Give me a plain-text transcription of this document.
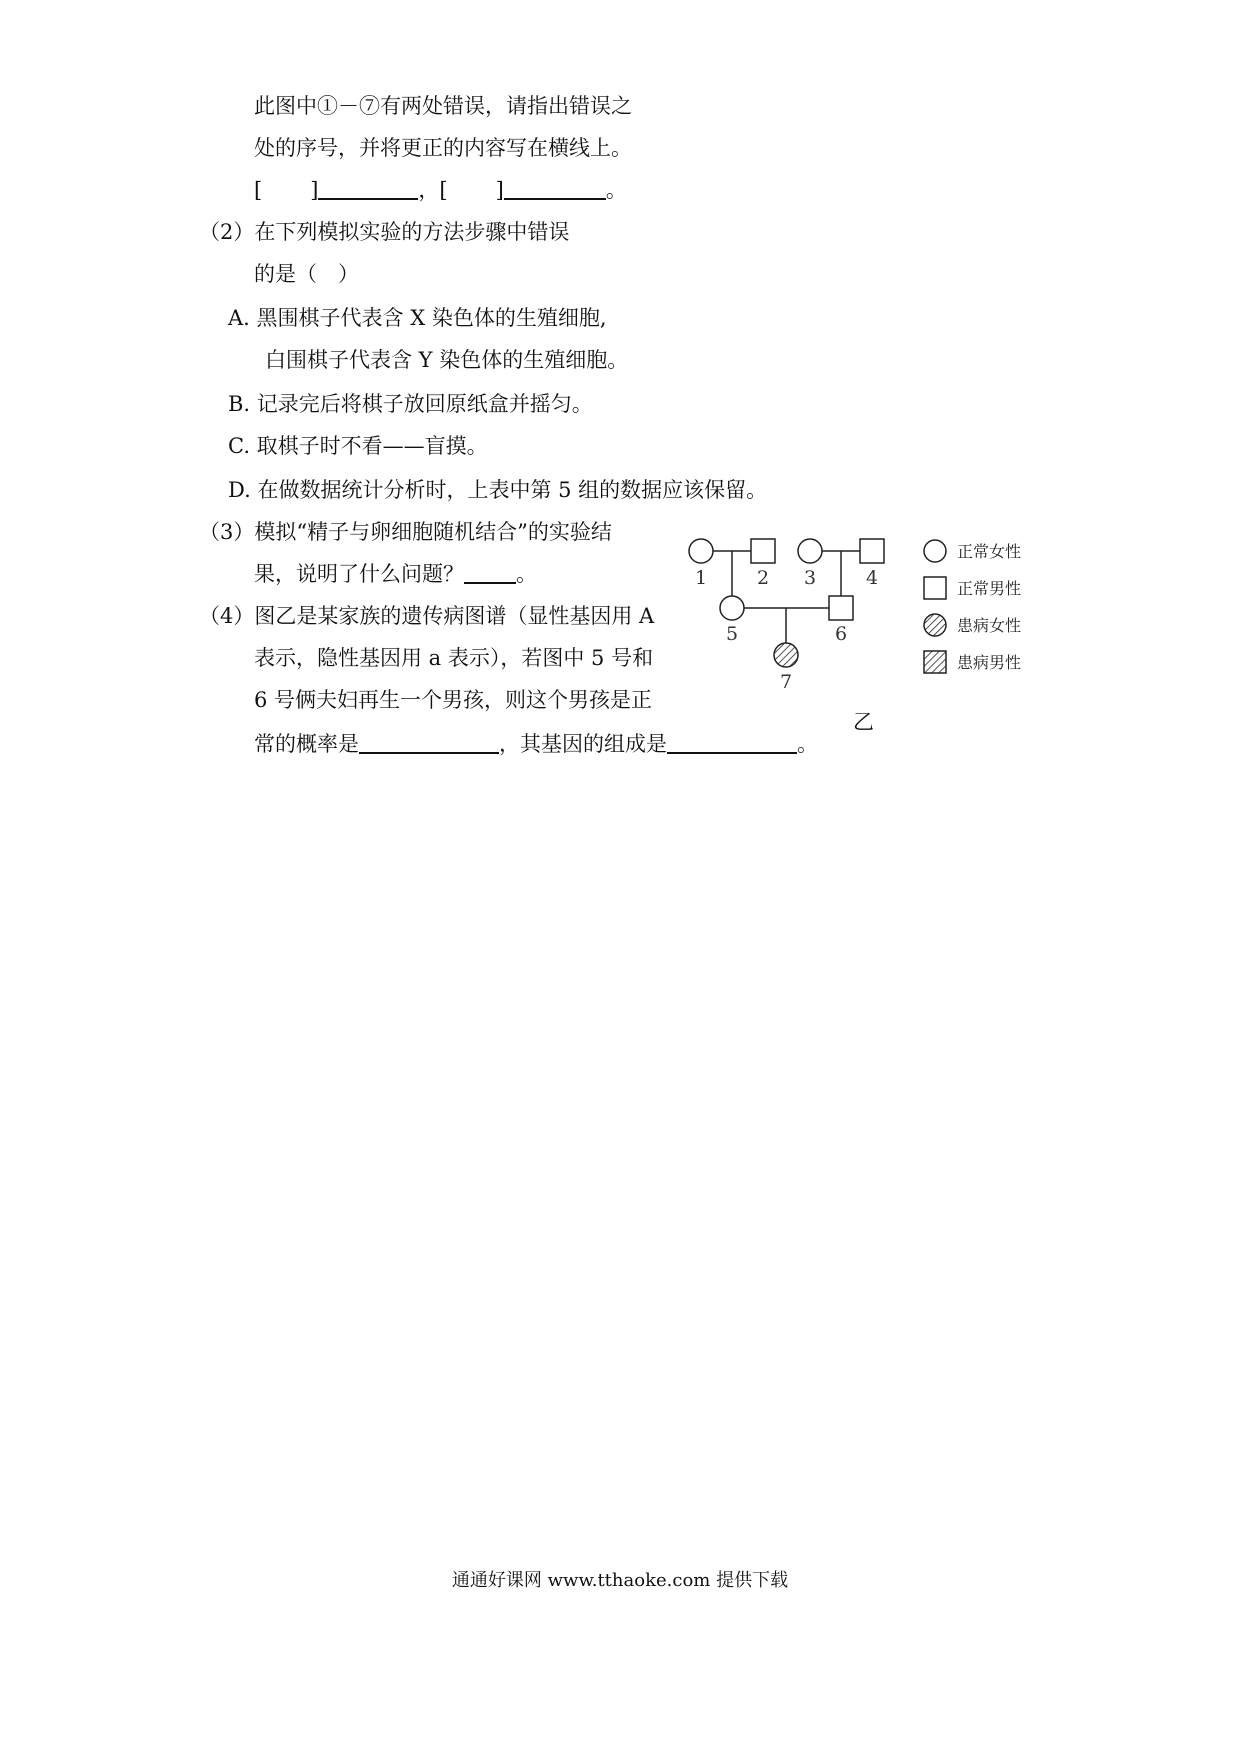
此图中①－⑦有两处错误，请指出错误之
处的序号，并将更正的内容写在横线上。
[ ]	，[ ]	。
（2）在下列模拟实验的方法步骤中错误
的是（　）
A. 黑围棋子代表含 X 染色体的生殖细胞,
白围棋子代表含 Y 染色体的生殖细胞。
B. 记录完后将棋子放回原纸盒并摇匀。
C. 取棋子时不看——盲摸。
D. 在做数据统计分析时，上表中第 5 组的数据应该保留。
（3）模拟“精子与卵细胞随机结合”的实验结
果，说明了什么问题？ 。
（4）图乙是某家族的遗传病图谱（显性基因用 A
表示，隐性基因用 a 表示），若图中 5 号和
6 号俩夫妇再生一个男孩，则这个男孩是正
常的概率是	，其基因的组成是	。
1	2 3	4
5	6
7
正常女性
正常男性
患病女性
患病男性
乙
通通好课网 www.tthaoke.com 提供下载
